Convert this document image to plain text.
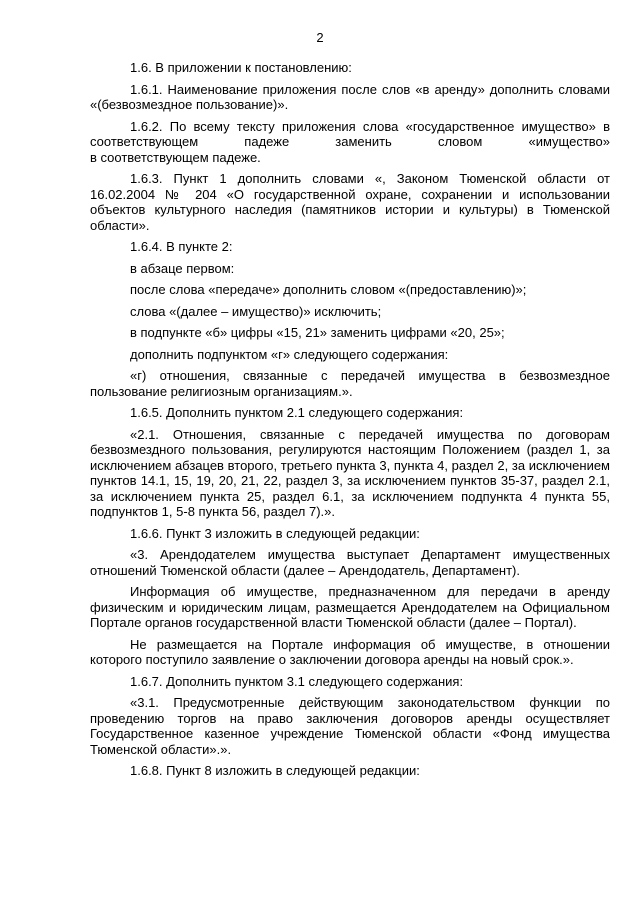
2

1.6. В приложении к постановлению:

1.6.1. Наименование приложения после слов «в аренду» дополнить словами «(безвозмездное пользование)».

1.6.2. По всему тексту приложения слова «государственное имущество» в соответствующем падеже заменить словом «имущество»

в соответствующем падеже.

1.6.3. Пункт 1 дополнить словами «, Законом Тюменской области от 16.02.2004 № 204 «О государственной охране, сохранении и использовании объектов культурного наследия (памятников истории и культуры) в Тюменской области».

1.6.4. В пункте 2:

в абзаце первом:

после слова «передаче» дополнить словом «(предоставлению)»;

слова «(далее – имущество)» исключить;

в подпункте «б» цифры «15, 21» заменить цифрами «20, 25»;

дополнить подпунктом «г» следующего содержания:

«г) отношения, связанные с передачей имущества в безвозмездное пользование религиозным организациям.».

1.6.5. Дополнить пунктом 2.1 следующего содержания:

«2.1. Отношения, связанные с передачей имущества по договорам безвозмездного пользования, регулируются настоящим Положением (раздел 1, за исключением абзацев второго, третьего пункта 3, пункта 4, раздел 2, за исключением пунктов 14.1, 15, 19, 20, 21, 22, раздел 3, за исключением пунктов 35-37, раздел 2.1, за исключением пункта 25, раздел 6.1, за исключением подпункта 4 пункта 55, подпунктов 1, 5-8 пункта 56, раздел 7).».

1.6.6. Пункт 3 изложить в следующей редакции:

«3. Арендодателем имущества выступает Департамент имущественных отношений Тюменской области (далее – Арендодатель, Департамент).

Информация об имуществе, предназначенном для передачи в аренду физическим и юридическим лицам, размещается Арендодателем на Официальном Портале органов государственной власти Тюменской области (далее – Портал).

Не размещается на Портале информация об имуществе, в отношении которого поступило заявление о заключении договора аренды на новый срок.».

1.6.7. Дополнить пунктом 3.1 следующего содержания:

«3.1. Предусмотренные действующим законодательством функции по проведению торгов на право заключения договоров аренды осуществляет Государственное казенное учреждение Тюменской области «Фонд имущества Тюменской области».».

1.6.8. Пункт 8 изложить в следующей редакции:
